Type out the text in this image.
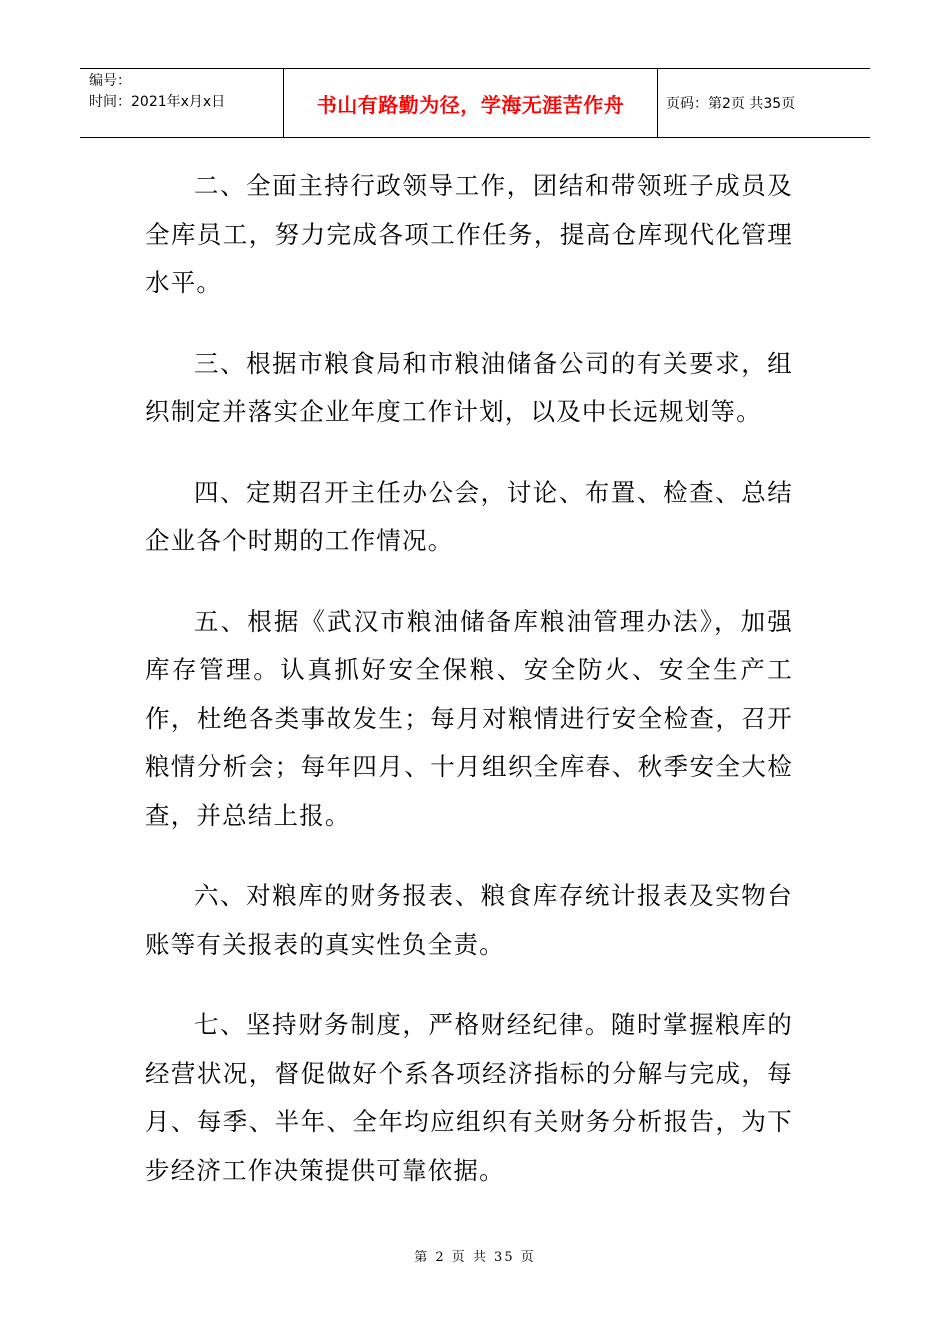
编号：
时间：2021年x月x日	书山有路勤为径，学海无涯苦作舟	页码：第2页 共35页

二、全面主持行政领导工作，团结和带领班子成员及全库员工，努力完成各项工作任务，提高仓库现代化管理水平。

三、根据市粮食局和市粮油储备公司的有关要求，组织制定并落实企业年度工作计划，以及中长远规划等。

四、定期召开主任办公会，讨论、布置、检查、总结企业各个时期的工作情况。

五、根据《武汉市粮油储备库粮油管理办法》，加强库存管理。认真抓好安全保粮、安全防火、安全生产工作，杜绝各类事故发生；每月对粮情进行安全检查，召开粮情分析会；每年四月、十月组织全库春、秋季安全大检查，并总结上报。

六、对粮库的财务报表、粮食库存统计报表及实物台账等有关报表的真实性负全责。

七、坚持财务制度，严格财经纪律。随时掌握粮库的经营状况，督促做好个系各项经济指标的分解与完成，每月、每季、半年、全年均应组织有关财务分析报告，为下步经济工作决策提供可靠依据。

第 2 页 共 35 页
